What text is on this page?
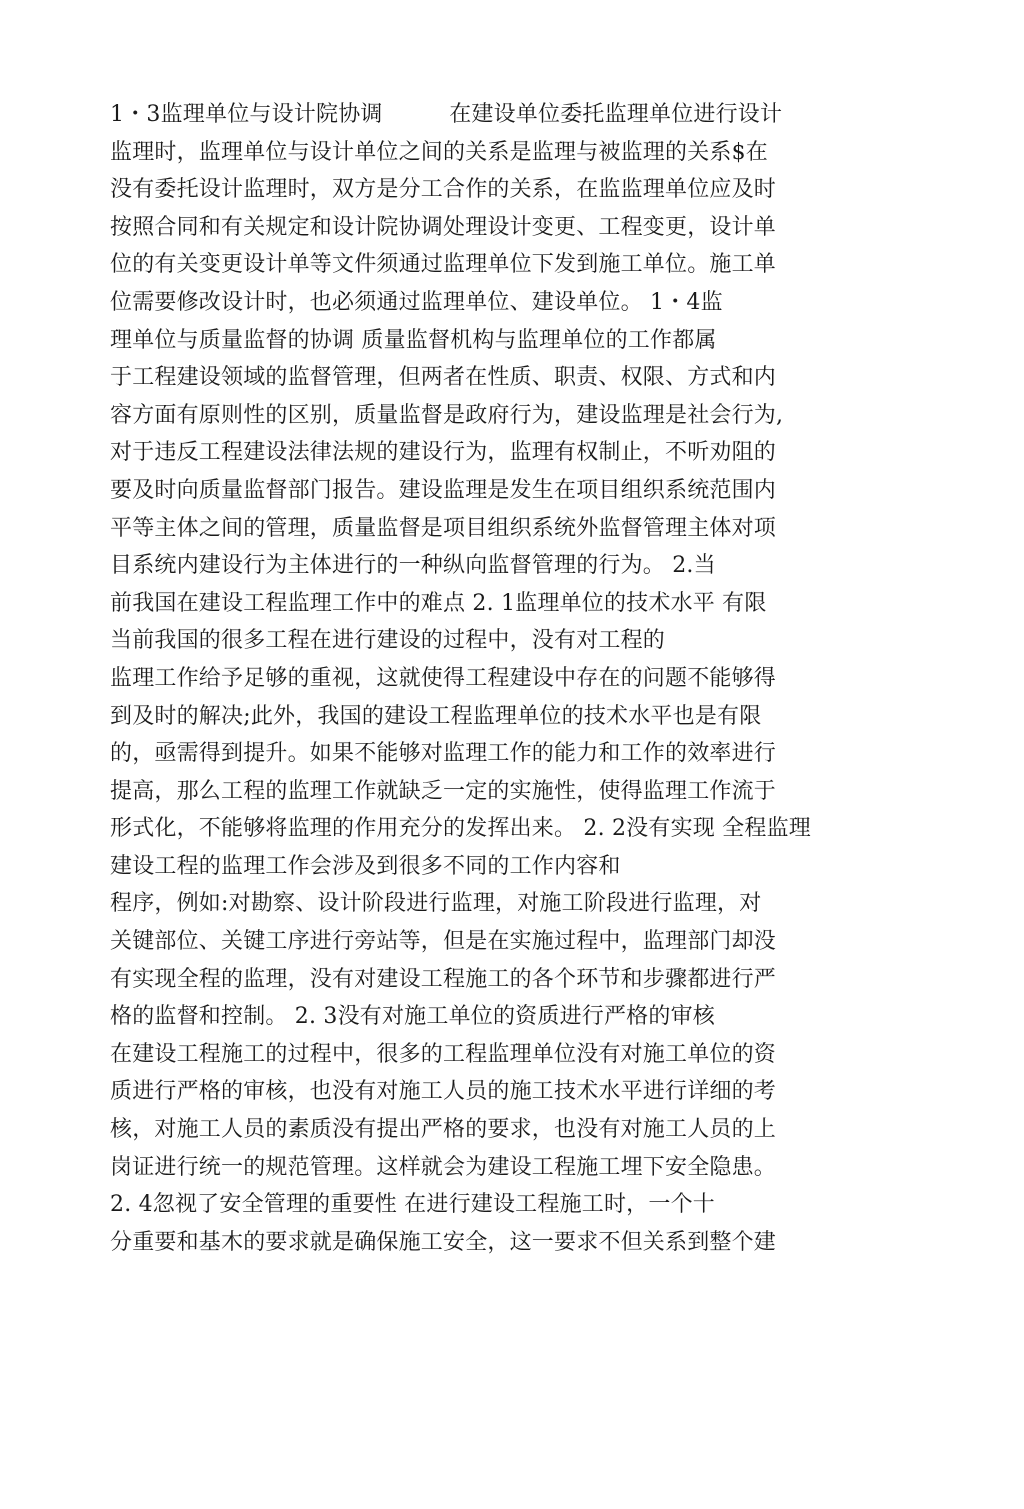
1・3监理单位与设计院协调　　　在建设单位委托监理单位进行设计
监理时，监理单位与设计单位之间的关系是监理与被监理的关系$在
没有委托设计监理时，双方是分工合作的关系，在监监理单位应及时
按照合同和有关规定和设计院协调处理设计变更、工程变更，设计单
位的有关变更设计单等文件须通过监理单位下发到施工单位。施工单
位需要修改设计时，也必须通过监理单位、建设单位。 1・4监
理单位与质量监督的协调 质量监督机构与监理单位的工作都属
于工程建设领域的监督管理，但两者在性质、职责、权限、方式和内
容方面有原则性的区别，质量监督是政府行为，建设监理是社会行为,
对于违反工程建设法律法规的建设行为，监理有权制止，不听劝阻的
要及时向质量监督部门报告。建设监理是发生在项目组织系统范围内
平等主体之间的管理，质量监督是项目组织系统外监督管理主体对项
目系统内建设行为主体进行的一种纵向监督管理的行为。 2.当
前我国在建设工程监理工作中的难点 2. 1监理单位的技术水平 有限
当前我国的很多工程在进行建设的过程中，没有对工程的
监理工作给予足够的重视，这就使得工程建设中存在的问题不能够得
到及时的解决;此外，我国的建设工程监理单位的技术水平也是有限
的，亟需得到提升。如果不能够对监理工作的能力和工作的效率进行
提高，那么工程的监理工作就缺乏一定的实施性，使得监理工作流于
形式化，不能够将监理的作用充分的发挥出来。 2. 2没有实现 全程监理
建设工程的监理工作会涉及到很多不同的工作内容和
程序，例如:对勘察、设计阶段进行监理，对施工阶段进行监理，对
关键部位、关键工序进行旁站等，但是在实施过程中，监理部门却没
有实现全程的监理，没有对建设工程施工的各个环节和步骤都进行严
格的监督和控制。 2. 3没有对施工单位的资质进行严格的审核
在建设工程施工的过程中，很多的工程监理单位没有对施工单位的资
质进行严格的审核，也没有对施工人员的施工技术水平进行详细的考
核，对施工人员的素质没有提出严格的要求，也没有对施工人员的上
岗证进行统一的规范管理。这样就会为建设工程施工埋下安全隐患。
2. 4忽视了安全管理的重要性 在进行建设工程施工时，一个十
分重要和基木的要求就是确保施工安全，这一要求不但关系到整个建
